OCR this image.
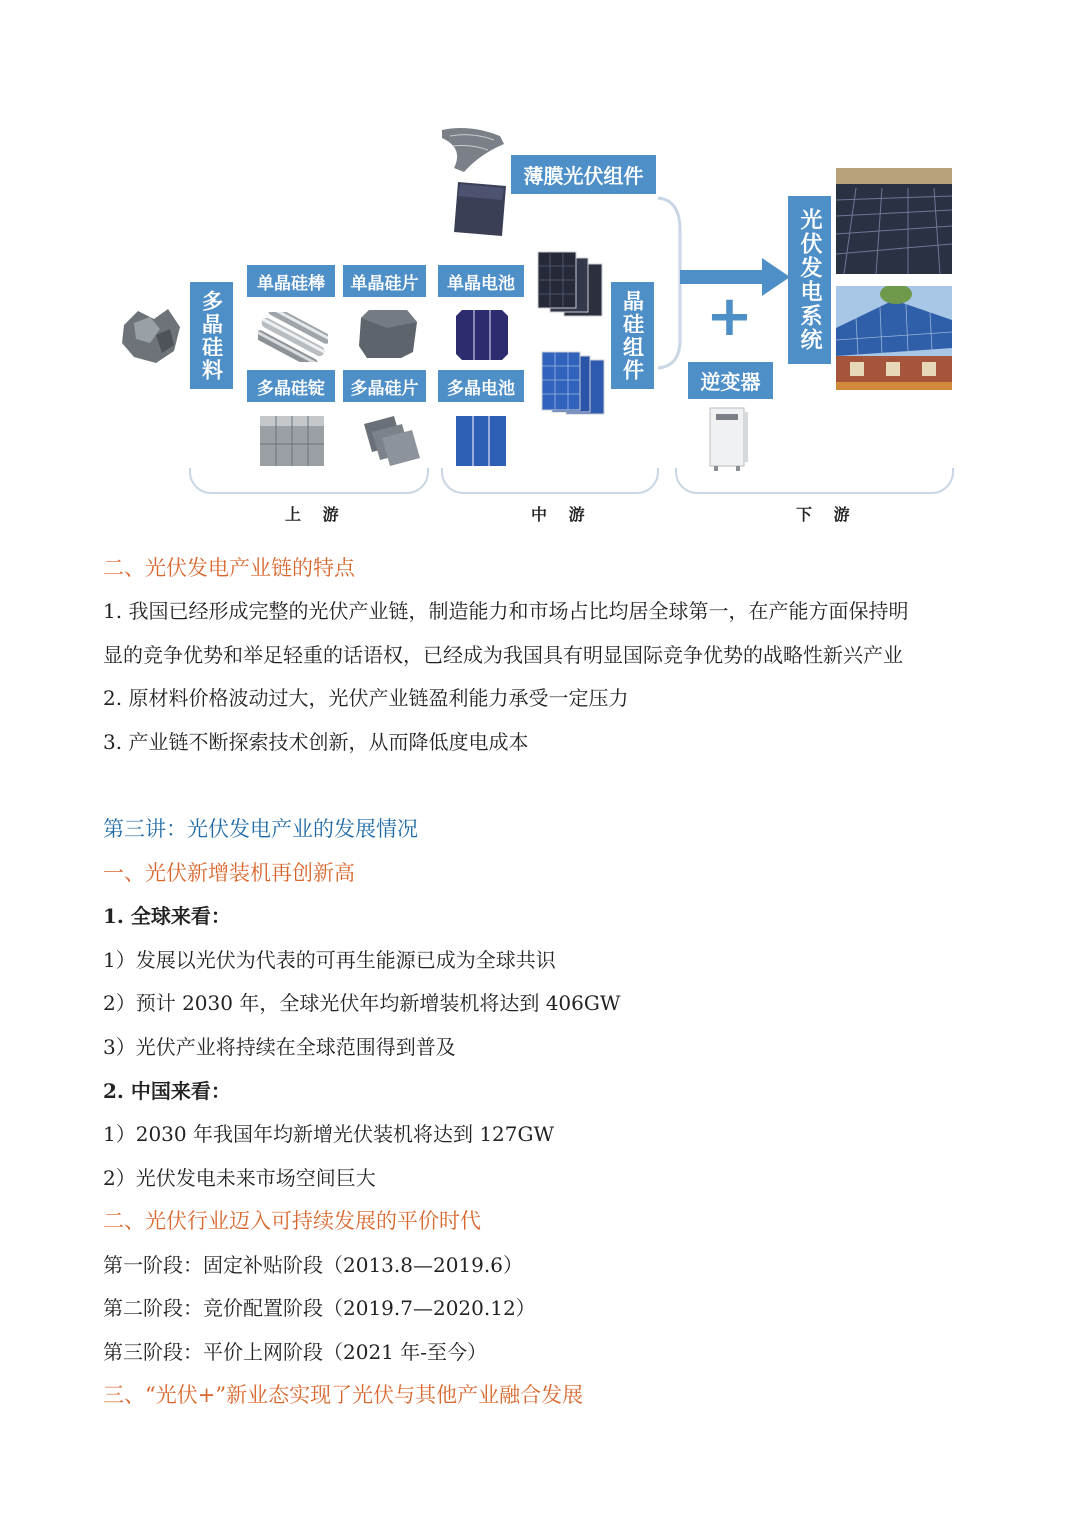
多晶硅料
单晶硅棒	单晶硅片
多晶硅锭	多晶硅片
单晶电池
多晶电池
薄膜光伏组件
晶硅组件 +
逆变器
光伏发电系统
上 游	中 游	下 游
二、光伏发电产业链的特点
1. 我国已经形成完整的光伏产业链，制造能力和市场占比均居全球第一，在产能方面保持明
显的竞争优势和举足轻重的话语权，已经成为我国具有明显国际竞争优势的战略性新兴产业
2. 原材料价格波动过大，光伏产业链盈利能力承受一定压力
3. 产业链不断探索技术创新，从而降低度电成本
第三讲：光伏发电产业的发展情况
一、光伏新增装机再创新高
1. 全球来看：
1）发展以光伏为代表的可再生能源已成为全球共识
2）预计 2030 年，全球光伏年均新增装机将达到 406GW
3）光伏产业将持续在全球范围得到普及
2. 中国来看：
1）2030 年我国年均新增光伏装机将达到 127GW
2）光伏发电未来市场空间巨大
二、光伏行业迈入可持续发展的平价时代
第一阶段：固定补贴阶段（2013.8—2019.6）
第二阶段：竞价配置阶段（2019.7—2020.12）
第三阶段：平价上网阶段（2021 年-至今）
三、“光伏+”新业态实现了光伏与其他产业融合发展
